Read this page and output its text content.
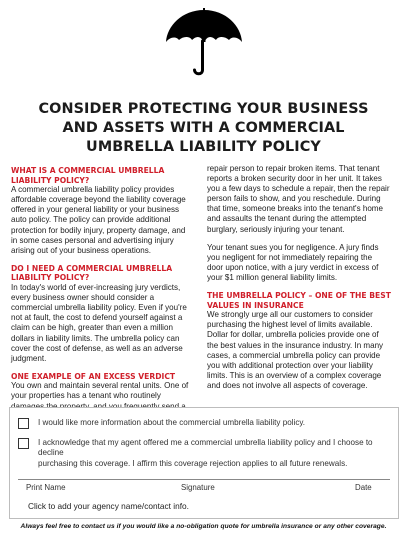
CONSIDER PROTECTING YOUR BUSINESS
AND ASSETS WITH A COMMERCIAL
UMBRELLA LIABILITY POLICY
WHAT IS A COMMERCIAL UMBRELLA
LIABILITY POLICY?
A commercial umbrella liability policy provides
affordable coverage beyond the liability coverage
offered in your general liability or your business
auto policy. The policy can provide additional
protection for bodily injury, property damage, and
in some cases personal and advertising injury
arising out of your business operations.
DO I NEED A COMMERCIAL UMBRELLA
LIABILITY POLICY?
In today's world of ever-increasing jury verdicts,
every business owner should consider a
commercial umbrella liability policy. Even if you're
not at fault, the cost to defend yourself against a
claim can be high, greater than even a million
dollars in liability limits. The umbrella policy can
cover the cost of defense, as well as an adverse
judgment.
ONE EXAMPLE OF AN EXCESS VERDICT
You own and maintain several rental units. One of
your properties has a tenant who routinely
repair person to repair broken items. That tenant
reports a broken security door in her unit. It takes
you a few days to schedule a repair, then the repair
person fails to show, and you reschedule. During
that time, someone breaks into the tenant's home
and assaults the tenant during the attempted
burglary, seriously injuring your tenant.
Your tenant sues you for negligence. A jury finds
you negligent for not immediately repairing the
door upon notice, with a jury verdict in excess of
your $1 million general liability limits.
THE UMBRELLA POLICY – ONE OF THE BEST
VALUES IN INSURANCE
We strongly urge all our customers to consider
purchasing the highest level of limits available.
Dollar for dollar, umbrella policies provide one of
the best values in the insurance industry. In many
cases, a commercial umbrella policy can provide
you with additional protection over your liability
limits. This is an overview of a complex coverage
and does not involve all aspects of coverage.
I would like more information about the commercial umbrella liability policy.
I acknowledge that my agent offered me a commercial umbrella liability policy and I choose to decline
purchasing this coverage. I affirm this coverage rejection applies to all future renewals.
Print Name	Signature	Date
Click to add your agency name/contact info.
Always feel free to contact us if you would like a no-obligation quote for umbrella insurance or any other coverage.
